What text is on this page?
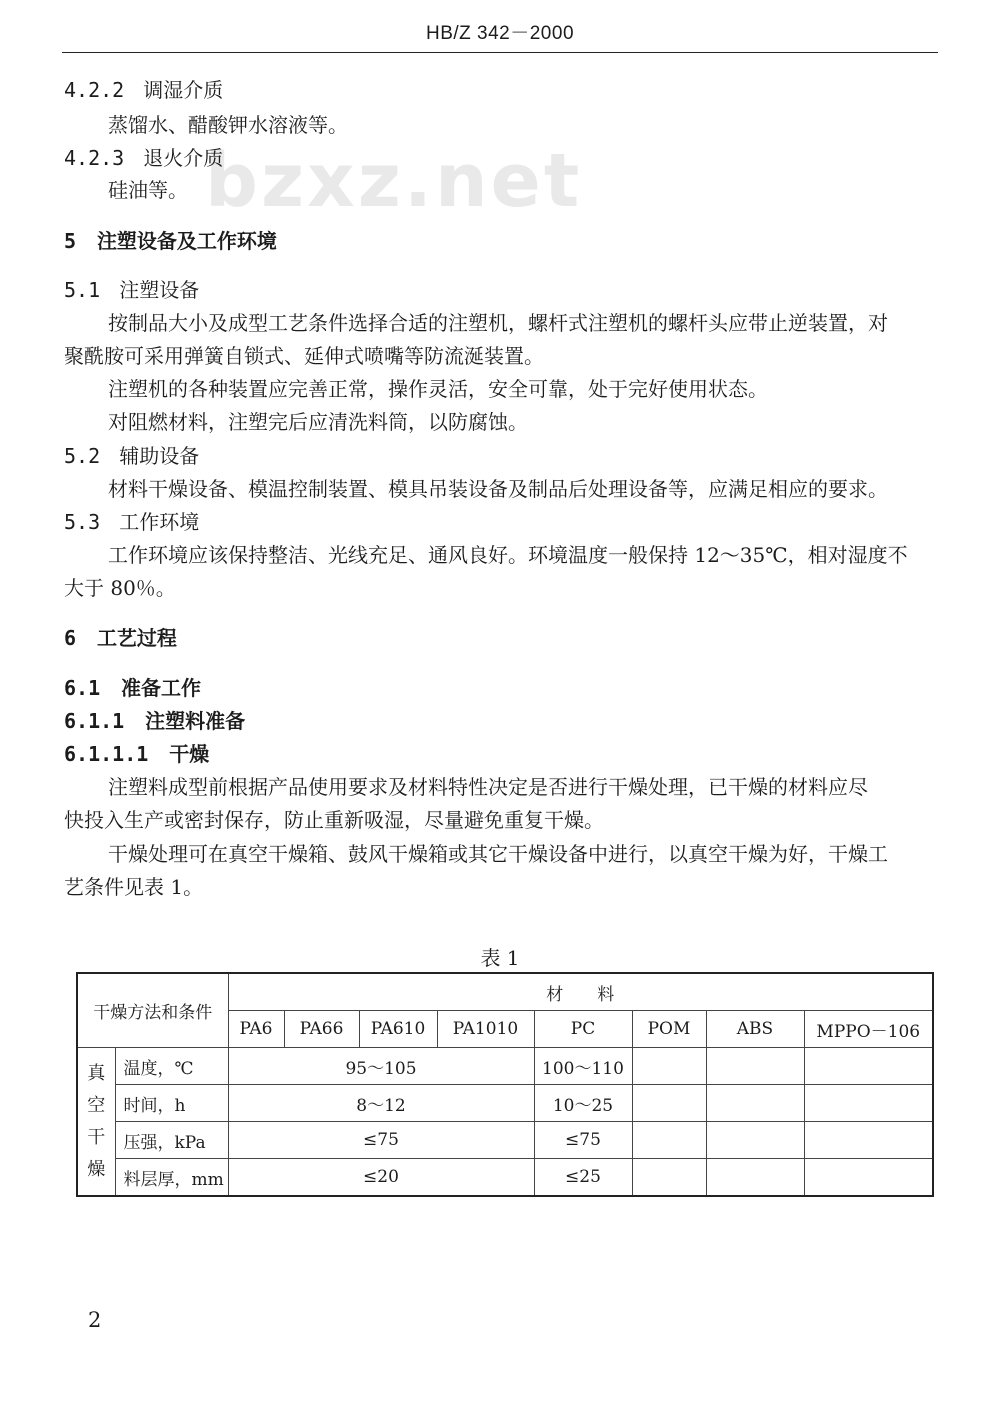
HB/Z 342－2000
bzxz.net
4.2.2 调湿介质
蒸馏水、醋酸钾水溶液等。
4.2.3 退火介质
硅油等。
5 注塑设备及工作环境
5.1 注塑设备
按制品大小及成型工艺条件选择合适的注塑机，螺杆式注塑机的螺杆头应带止逆装置，对
聚酰胺可采用弹簧自锁式、延伸式喷嘴等防流涎装置。
注塑机的各种装置应完善正常，操作灵活，安全可靠，处于完好使用状态。
对阻燃材料，注塑完后应清洗料筒，以防腐蚀。
5.2 辅助设备
材料干燥设备、模温控制装置、模具吊装设备及制品后处理设备等，应满足相应的要求。
5.3 工作环境
工作环境应该保持整洁、光线充足、通风良好。环境温度一般保持 12～35℃，相对湿度不
大于 80％。
6 工艺过程
6.1 准备工作
6.1.1 注塑料准备
6.1.1.1 干燥
注塑料成型前根据产品使用要求及材料特性决定是否进行干燥处理，已干燥的材料应尽
快投入生产或密封保存，防止重新吸湿，尽量避免重复干燥。
干燥处理可在真空干燥箱、鼓风干燥箱或其它干燥设备中进行，以真空干燥为好，干燥工
艺条件见表 1。
表 1
干燥方法和条件		材　　料							
		PA6	PA66	PA610	PA1010	PC	POM	ABS	MPPO－106
真
空
干
燥	温度，℃	95～105				100～110			
	时间，h	8～12				10～25			
	压强，kPa	≤75				≤75			
	料层厚，mm	≤20				≤25			
2
